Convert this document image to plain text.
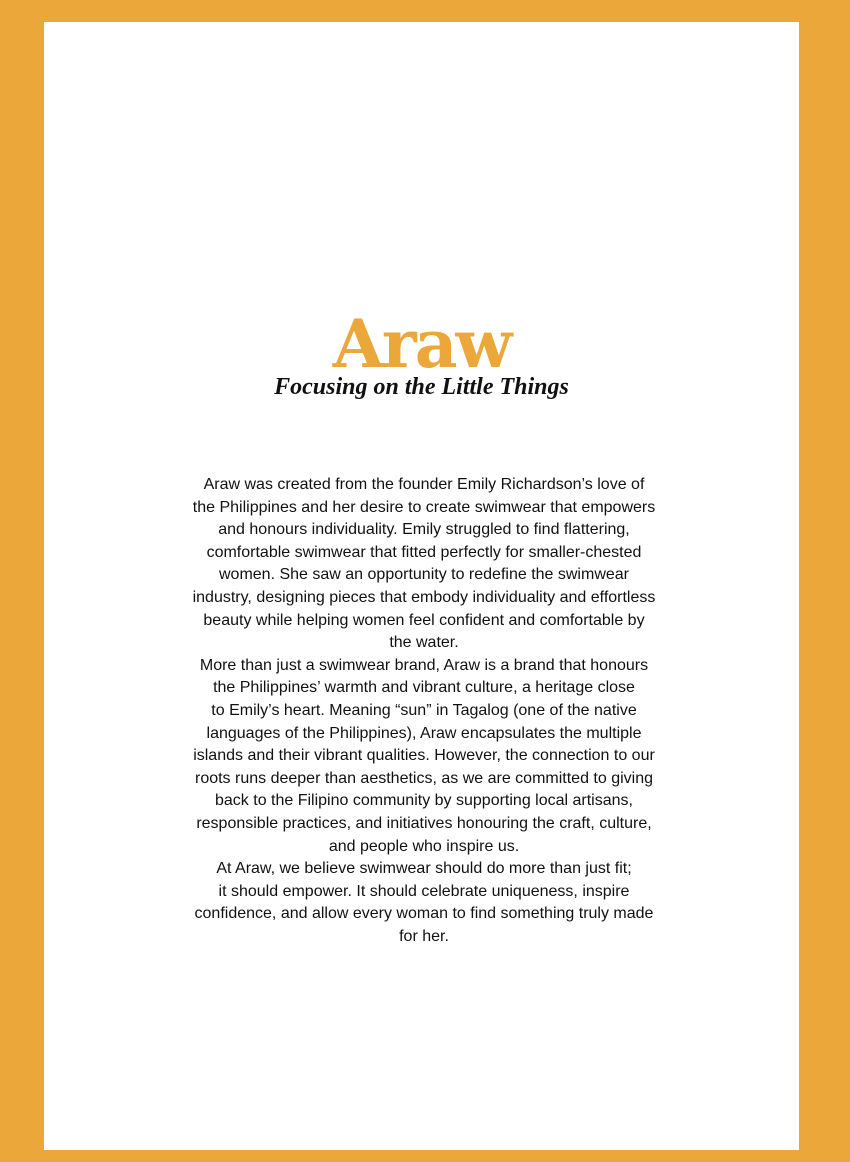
Araw
Focusing on the Little Things
Araw was created from the founder Emily Richardson’s love of
the Philippines and her desire to create swimwear that empowers
and honours individuality. Emily struggled to find flattering,
comfortable swimwear that fitted perfectly for smaller-chested
women. She saw an opportunity to redefine the swimwear
industry, designing pieces that embody individuality and effortless
beauty while helping women feel confident and comfortable by
the water.
More than just a swimwear brand, Araw is a brand that honours
the Philippines’ warmth and vibrant culture, a heritage close
to Emily’s heart. Meaning “sun” in Tagalog (one of the native
languages of the Philippines), Araw encapsulates the multiple
islands and their vibrant qualities. However, the connection to our
roots runs deeper than aesthetics, as we are committed to giving
back to the Filipino community by supporting local artisans,
responsible practices, and initiatives honouring the craft, culture,
and people who inspire us.
At Araw, we believe swimwear should do more than just fit;
it should empower. It should celebrate uniqueness, inspire
confidence, and allow every woman to find something truly made
for her.
